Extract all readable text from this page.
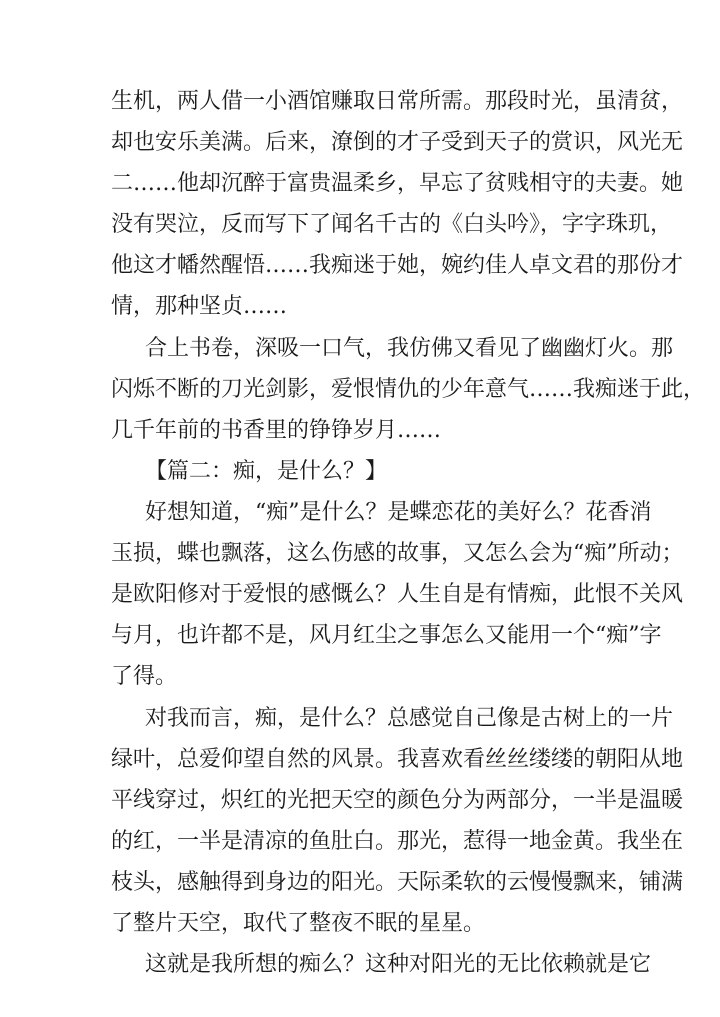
生机，两人借一小酒馆赚取日常所需。那段时光，虽清贫，

却也安乐美满。后来，潦倒的才子受到天子的赏识，风光无

二……他却沉醉于富贵温柔乡，早忘了贫贱相守的夫妻。她

没有哭泣，反而写下了闻名千古的《白头吟》，字字珠玑，

他这才幡然醒悟……我痴迷于她，婉约佳人卓文君的那份才

情，那种坚贞……

合上书卷，深吸一口气，我仿佛又看见了幽幽灯火。那

闪烁不断的刀光剑影，爱恨情仇的少年意气……我痴迷于此，

几千年前的书香里的铮铮岁月……

【篇二：痴，是什么？】

好想知道，“痴”是什么？是蝶恋花的美好么？花香消

玉损，蝶也飘落，这么伤感的故事，又怎么会为“痴”所动；

是欧阳修对于爱恨的感慨么？人生自是有情痴，此恨不关风

与月，也许都不是，风月红尘之事怎么又能用一个“痴”字

了得。

对我而言，痴，是什么？总感觉自己像是古树上的一片

绿叶，总爱仰望自然的风景。我喜欢看丝丝缕缕的朝阳从地

平线穿过，炽红的光把天空的颜色分为两部分，一半是温暖

的红，一半是清凉的鱼肚白。那光，惹得一地金黄。我坐在

枝头，感触得到身边的阳光。天际柔软的云慢慢飘来，铺满

了整片天空，取代了整夜不眠的星星。

这就是我所想的痴么？这种对阳光的无比依赖就是它
